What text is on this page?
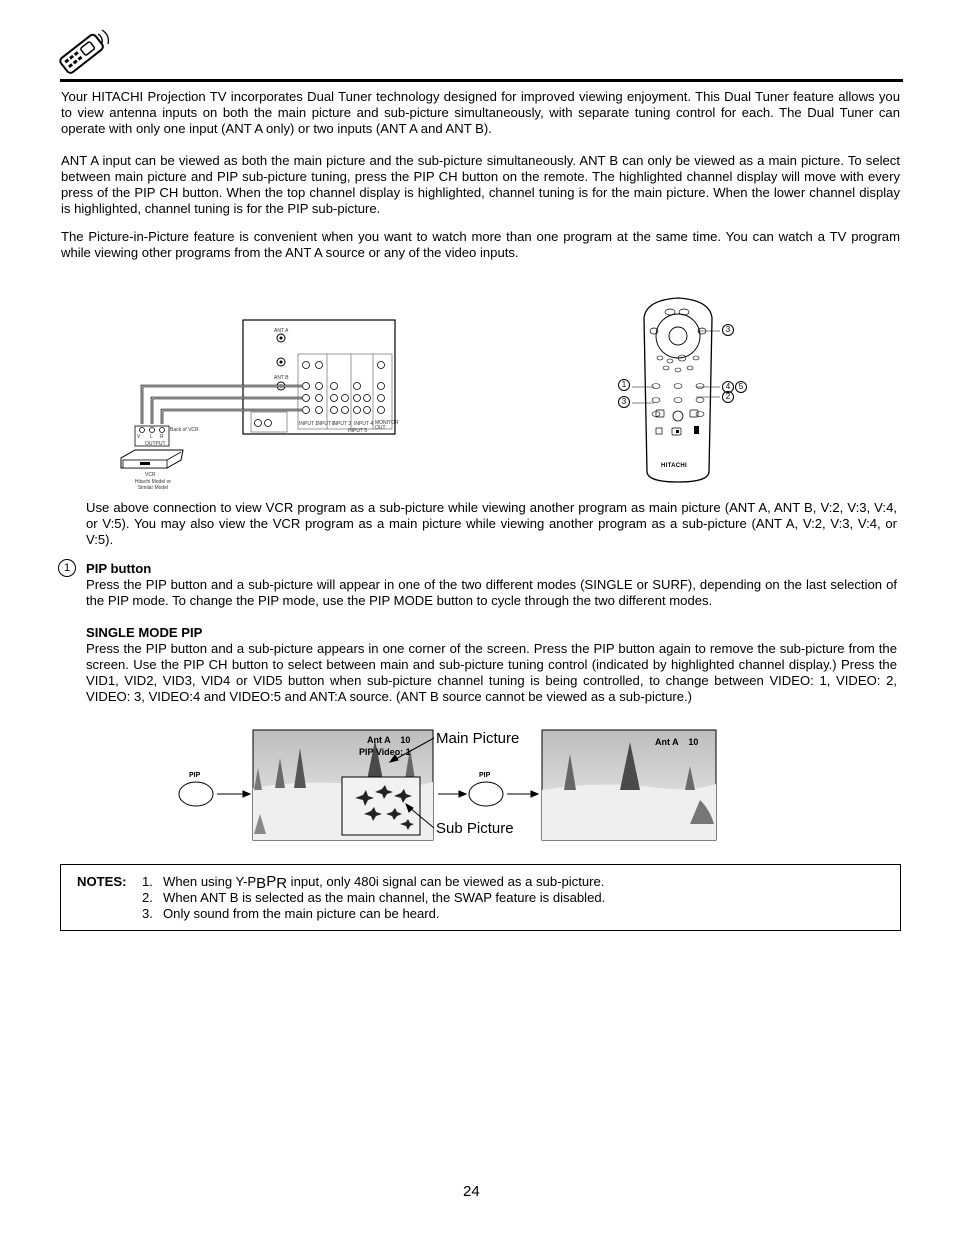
Your HITACHI Projection TV incorporates Dual Tuner technology designed for improved viewing enjoyment. This Dual Tuner feature allows you to view antenna inputs on both the main picture and sub-picture simultaneously, with separate tuning control for each. The Dual Tuner can operate with only one input (ANT A only) or two inputs (ANT A and ANT B).

ANT A input can be viewed as both the main picture and the sub-picture simultaneously. ANT B can only be viewed as a main picture. To select between main picture and PIP sub-picture tuning, press the PIP CH button on the remote. The highlighted channel display will move with every press of the PIP CH button. When the top channel display is highlighted, channel tuning is for the main picture. When the lower channel display is highlighted, channel tuning is for the PIP sub-picture.

The Picture-in-Picture feature is convenient when you want to watch more than one program at the same time. You can watch a TV program while viewing other programs from the ANT A source or any of the video inputs.

Back of VCR
OUTPUT
V L R
VCR
Hitachi Model or Similar Model
ANT A
ANT B
INPUT 1
INPUT 2
INPUT 3 INPUT 4
INPUT 5
MONITOR OUT
HITACHI
1
3
3
4	5
2

Use above connection to view VCR program as a sub-picture while viewing another program as main picture (ANT A, ANT B, V:2, V:3, V:4, or V:5). You may also view the VCR program as a main picture while viewing another program as a sub-picture (ANT A, V:2, V:3, V:4, or V:5).

1	PIP button
Press the PIP button and a sub-picture will appear in one of the two different modes (SINGLE or SURF), depending on the last selection of the PIP mode. To change the PIP mode, use the PIP MODE button to cycle through the two different modes.
SINGLE MODE PIP
Press the PIP button and a sub-picture appears in one corner of the screen. Press the PIP button again to remove the sub-picture from the screen. Use the PIP CH button to select between main and sub-picture tuning control (indicated by highlighted channel display.) Press the VID1, VID2, VID3, VID4 or VID5 button when sub-picture channel tuning is being controlled, to change between VIDEO: 1, VIDEO: 2, VIDEO: 3, VIDEO:4 and VIDEO:5 and ANT:A source. (ANT B source cannot be viewed as a sub-picture.)
PIP	PIP
Ant A    10
PIP Video: 1
Ant A    10
Main Picture
Sub Picture
NOTES: 1. When using Y-PBPR input, only 480i signal can be viewed as a sub-picture.
2. When ANT B is selected as the main channel, the SWAP feature is disabled.
3. Only sound from the main picture can be heard.
24
